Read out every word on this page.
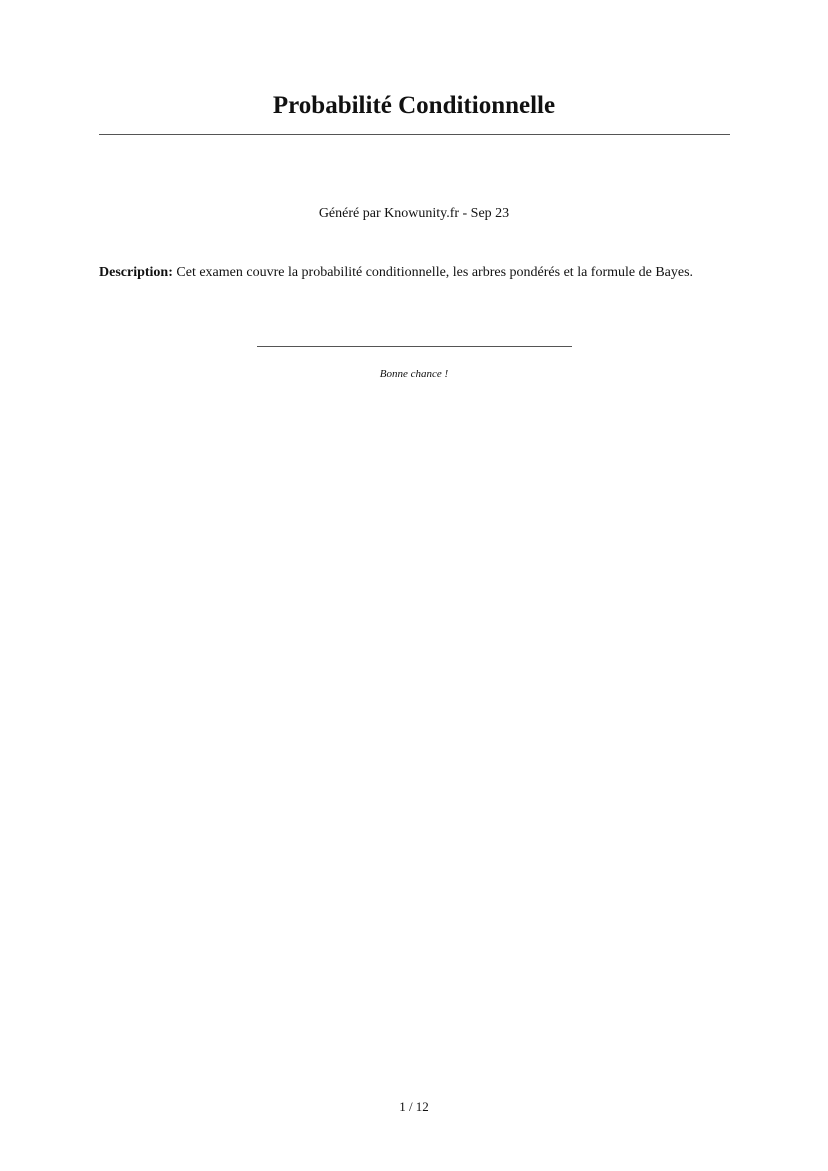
Probabilité Conditionnelle
Généré par Knowunity.fr - Sep 23

Description: Cet examen couvre la probabilité conditionnelle, les arbres pondérés et la formule de Bayes.

Bonne chance !
1 / 12
